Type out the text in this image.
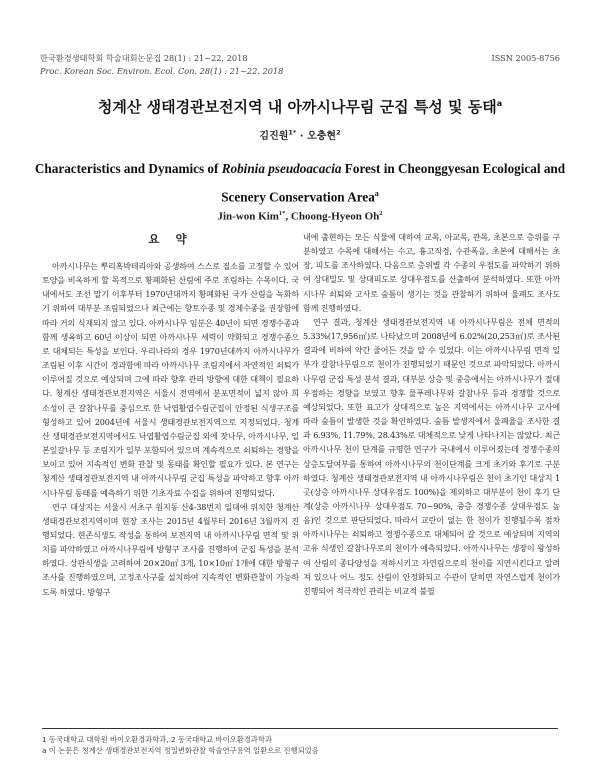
한국환경생태학회 학술대회논문집 28(1) : 21~22, 2018
Proc. Korean Soc. Environ. Ecol. Con. 28(1) : 21~22. 2018
ISSN 2005-8756
청계산 생태경관보전지역 내 아까시나무림 군집 특성 및 동태$^a$
김진원$^{1*}$ · 오충현$^2$
Characteristics and Dynamics of Robinia pseudoacacia Forest in Cheonggyesan Ecological and Scenery Conservation Area$^a$
Jin-won Kim$^{1*}$, Choong-Hyeon Oh$^2$
요 약

아까시나무는 뿌리혹박테리아와 공생하여 스스로 질소를 고정할 수 있어 토양을 비옥하게 할 목적으로 황폐화된 산림에 주로 조림하는 수목이다. 국내에서도 조선 말기 이후부터 1970년대까지 황폐화된 국가 산림을 녹화하기 위하여 대부분 조림되었으나 최근에는 향토수종 및 경제수종을 권장함에 따라 거의 식재되지 않고 있다. 아까시나무 임분은 40년이 되면 경쟁수종과 함께 생육하고 60년 이상이 되면 아까시나무 세력이 약화되고 경쟁수종으로 대체되는 특성을 보인다. 우리나라의 경우 1970년대까지 아까시나무가 조림된 이후 시간이 경과함에 따라 아까시나무 조림지에서 자연적인 쇠퇴가 이루어질 것으로 예상되며 그에 따라 향후 관리 방향에 대한 대책이 필요하다. 청계산 생태경관보전지역은 서울시 전역에서 분포면적이 넓지 않아 희소성이 큰 갈참나무를 중심으로 한 낙엽활엽수림군집이 안정된 식생구조를 형성하고 있어 2004년에 서울시 생태경관보전지역으로 지정되었다. 청계산 생태경관보전지역에서도 낙엽활엽수림군집 외에 잣나무, 아까시나무, 일본잎갈나무 등 조림지가 일부 포함되어 있으며 계속적으로 쇠퇴하는 경향을 보이고 있어 지속적인 변화 관찰 및 동태를 확인할 필요가 있다. 본 연구는 청계산 생태경관보전지역 내 아까시나무림 군집 특성을 파악하고 향후 아까시나무림 동태를 예측하기 위한 기초자료 수집을 위하여 진행되었다.

연구 대상지는 서울시 서초구 원지동 산4-38번지 일대에 위치한 청계산 생태경관보전지역이며 현장 조사는 2015년 4월부터 2016년 3월까지 진행되었다. 현존식생도 작성을 통하여 보전지역 내 아까시나무림 면적 및 위치를 파악하였고 아까시나무림에 방형구 조사를 진행하여 군집 특성을 분석하였다. 상관식생을 고려하여 20×20㎡ 3개, 10×10㎡ 1개에 대한 방형구 조사를 진행하였으며, 고정조사구를 설치하여 지속적인 변화관찰이 가능하도록 하였다. 방형구

내에 출현하는 모든 식물에 대하여 교목, 아교목, 관목, 초본으로 층위를 구분하였고 수목에 대해서는 수고, 흉고직경, 수관폭을, 초본에 대해서는 초장, 피도를 조사하였다. 다음으로 층위별 각 수종의 우점도를 파악하기 위하여 상대밀도 및 상대피도로 상대우점도를 산출하여 분석하였다. 또한 아까시나무 쇠퇴와 고사로 숲틈이 생기는 것을 관찰하기 위하여 울폐도 조사도 함께 진행하였다.

연구 결과, 청계산 생태경관보전지역 내 아까시나무림은 전체 면적의 5.33%(17,956㎡)로 나타났으며 2008년에 6.02%(20,253㎡)로 조사된 결과에 비하여 약간 줄어든 것을 알 수 있었다. 이는 아까시나무림 면적 일부가 갈참나무림으로 천이가 진행되었기 때문인 것으로 파악되었다. 아까시나무림 군집 특성 분석 결과, 대부분 상층 및 중층에서는 아까시나무가 절대 우점하는 경향을 보였고 향후 물푸레나무와 갈참나무 등과 경쟁할 것으로 예상되었다. 또한 표고가 상대적으로 높은 지역에서는 아까시나무 고사에 따라 숲틈이 발생한 것을 확인하였다. 숲틈 발생지에서 울폐율을 조사한 결과 6.93%, 11.79%, 28.43%로 대체적으로 낮게 나타나지는 않았다. 최근 아까시나무 천이 단계를 규명한 연구가 국내에서 이루어졌는데 경쟁수종의 상층도달여부를 통하여 아까시나무의 천이단계를 크게 초기와 후기로 구분하였다. 청계산 생태경관보전지역 내 아까시나무림은 천이 초기인 대상지 1곳(상층 아까시나무 상대우점도 100%)을 제외하고 대부분이 천이 후기 단계(상층 아까시나무 상대우점도 70~90%, 중층 경쟁수종 상대우점도 높음)인 것으로 판단되었다. 따라서 교란이 없는 한 천이가 진행될수록 점차 아까시나무는 쇠퇴하고 경쟁수종으로 대체되어 갈 것으로 예상되며 지역의 고유 식생인 갈참나무로의 천이가 예측되었다. 아까시나무는 생장이 왕성하여 산림의 종다양성을 저하시키고 자연림으로의 천이를 지연시킨다고 알려져 있으나 어느 정도 산림이 안정화되고 수관이 닫히면 자연스럽게 천이가 진행되어 적극적인 관리는 비교적 불필

1 동국대학교 대학원 바이오환경과학과, 2 동국대학교 바이오환경과학과
a 이 논문은 청계산 생태경관보전지역 정밀변화관찰 학술연구용역 일환으로 진행되었음
